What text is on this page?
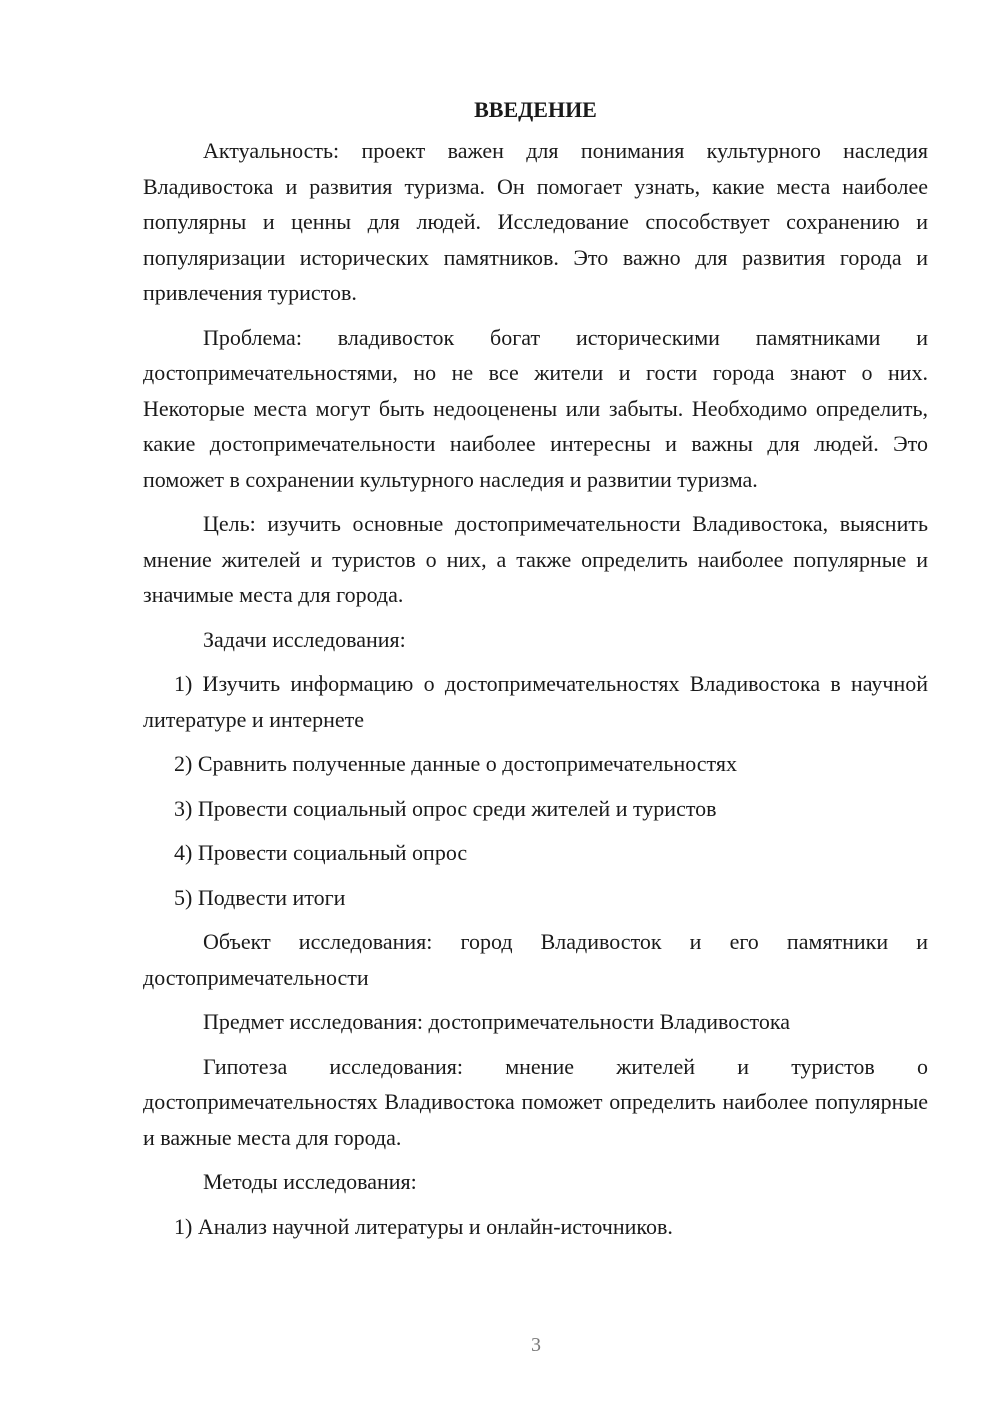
ВВЕДЕНИЕ

Актуальность: проект важен для понимания культурного наследия Владивостока и развития туризма. Он помогает узнать, какие места наиболее популярны и ценны для людей. Исследование способствует сохранению и популяризации исторических памятников. Это важно для развития города и привлечения туристов.

Проблема: владивосток богат историческими памятниками и достопримечательностями, но не все жители и гости города знают о них. Некоторые места могут быть недооценены или забыты. Необходимо определить, какие достопримечательности наиболее интересны и важны для людей. Это поможет в сохранении культурного наследия и развитии туризма.

Цель: изучить основные достопримечательности Владивостока, выяснить мнение жителей и туристов о них, а также определить наиболее популярные и значимые места для города.

Задачи исследования:

1) Изучить информацию о достопримечательностях Владивостока в научной литературе и интернете

2) Сравнить полученные данные о достопримечательностях

3) Провести социальный опрос среди жителей и туристов

4) Провести социальный опрос

5) Подвести итоги

Объект исследования: город Владивосток и его памятники и достопримечательности

Предмет исследования: достопримечательности Владивостока

Гипотеза исследования: мнение жителей и туристов о достопримечательностях Владивостока поможет определить наиболее популярные и важные места для города.

Методы исследования:

1) Анализ научной литературы и онлайн-источников.

3
